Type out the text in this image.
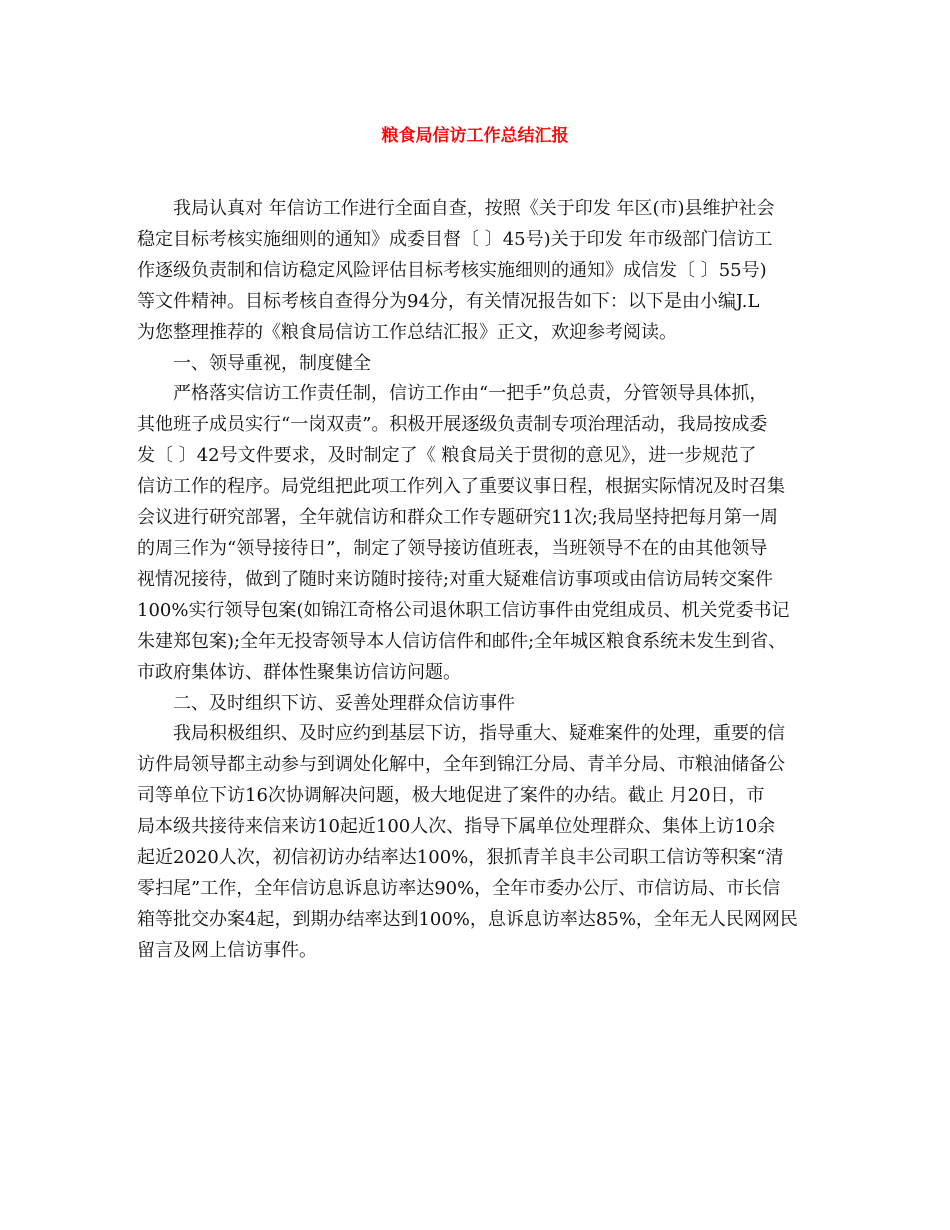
粮食局信访工作总结汇报
我局认真对 年信访工作进行全面自查，按照《关于印发 年区(市)县维护社会
稳定目标考核实施细则的通知》成委目督〔 〕45号)关于印发 年市级部门信访工
作逐级负责制和信访稳定风险评估目标考核实施细则的通知》成信发〔 〕55号)
等文件精神。目标考核自查得分为94分，有关情况报告如下：以下是由小编J.L
为您整理推荐的《粮食局信访工作总结汇报》正文，欢迎参考阅读。
一、领导重视，制度健全
严格落实信访工作责任制，信访工作由“一把手”负总责，分管领导具体抓，
其他班子成员实行“一岗双责”。积极开展逐级负责制专项治理活动，我局按成委
发〔 〕42号文件要求，及时制定了《 粮食局关于贯彻的意见》，进一步规范了
信访工作的程序。局党组把此项工作列入了重要议事日程，根据实际情况及时召集
会议进行研究部署，全年就信访和群众工作专题研究11次;我局坚持把每月第一周
的周三作为“领导接待日”，制定了领导接访值班表，当班领导不在的由其他领导
视情况接待，做到了随时来访随时接待;对重大疑难信访事项或由信访局转交案件
100%实行领导包案(如锦江奇格公司退休职工信访事件由党组成员、机关党委书记
朱建郑包案);全年无投寄领导本人信访信件和邮件;全年城区粮食系统未发生到省、
市政府集体访、群体性聚集访信访问题。
二、及时组织下访、妥善处理群众信访事件
我局积极组织、及时应约到基层下访，指导重大、疑难案件的处理，重要的信
访件局领导都主动参与到调处化解中，全年到锦江分局、青羊分局、市粮油储备公
司等单位下访16次协调解决问题，极大地促进了案件的办结。截止 月20日，市
局本级共接待来信来访10起近100人次、指导下属单位处理群众、集体上访10余
起近2020人次，初信初访办结率达100%，狠抓青羊良丰公司职工信访等积案“清
零扫尾”工作，全年信访息诉息访率达90%，全年市委办公厅、市信访局、市长信
箱等批交办案4起，到期办结率达到100%，息诉息访率达85%，全年无人民网网民
留言及网上信访事件。
